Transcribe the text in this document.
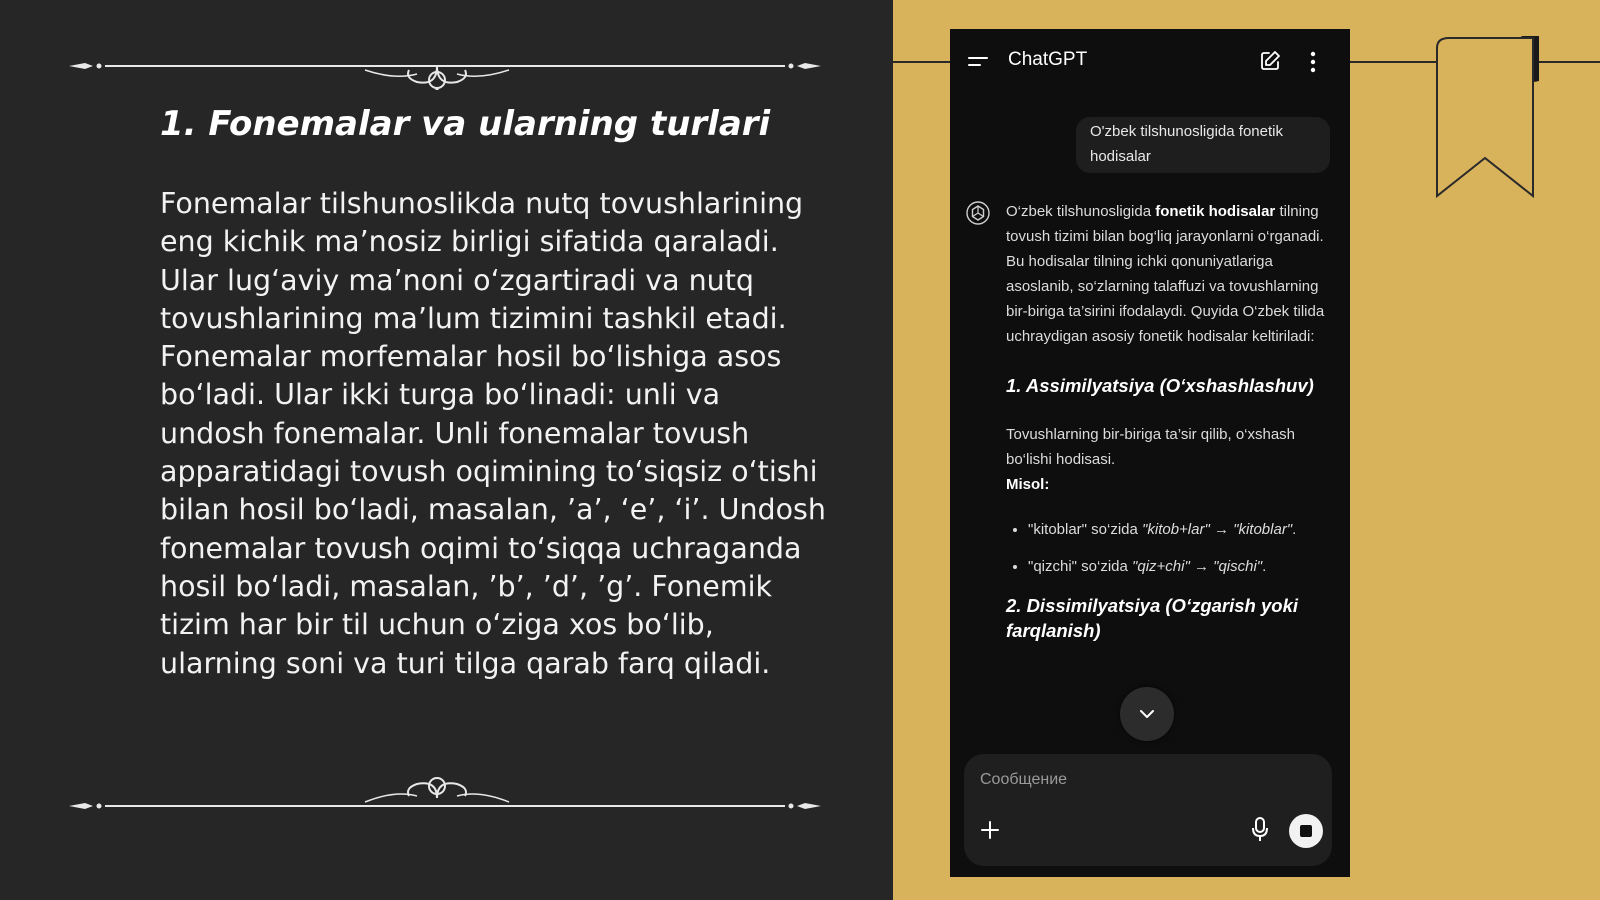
1. Fonemalar va ularning turlari
Fonemalar tilshunoslikda nutq tovushlarining eng kichik ma’nosiz birligi sifatida qaraladi. Ular lug‘aviy ma’noni o‘zgartiradi va nutq tovushlarining ma’lum tizimini tashkil etadi. Fonemalar morfemalar hosil bo‘lishiga asos bo‘ladi. Ular ikki turga bo‘linadi: unli va undosh fonemalar. Unli fonemalar tovush apparatidagi tovush oqimining to‘siqsiz o‘tishi bilan hosil bo‘ladi, masalan, ’a’, ‘e’, ‘i’. Undosh fonemalar tovush oqimi to‘siqqa uchraganda hosil bo‘ladi, masalan, ’b’, ’d’, ’g’. Fonemik tizim har bir til uchun o‘ziga xos bo‘lib, ularning soni va turi tilga qarab farq qiladi.
ChatGPT
O'zbek tilshunosligida fonetik hodisalar

O‘zbek tilshunosligida fonetik hodisalar tilning tovush tizimi bilan bog‘liq jarayonlarni o‘rganadi. Bu hodisalar tilning ichki qonuniyatlariga asoslanib, so‘zlarning talaffuzi va tovushlarning bir-biriga ta’sirini ifodalaydi. Quyida O‘zbek tilida uchraydigan asosiy fonetik hodisalar keltiriladi:

1. Assimilyatsiya (O‘xshashlashuv)

Tovushlarning bir-biriga ta’sir qilib, o‘xshash bo‘lishi hodisasi.

Misol:

• "kitoblar" so‘zida "kitob+lar" → "kitoblar".
• "qizchi" so‘zida "qiz+chi" → "qischi".
2. Dissimilyatsiya (O‘zgarish yoki farqlanish)
Сообщение
